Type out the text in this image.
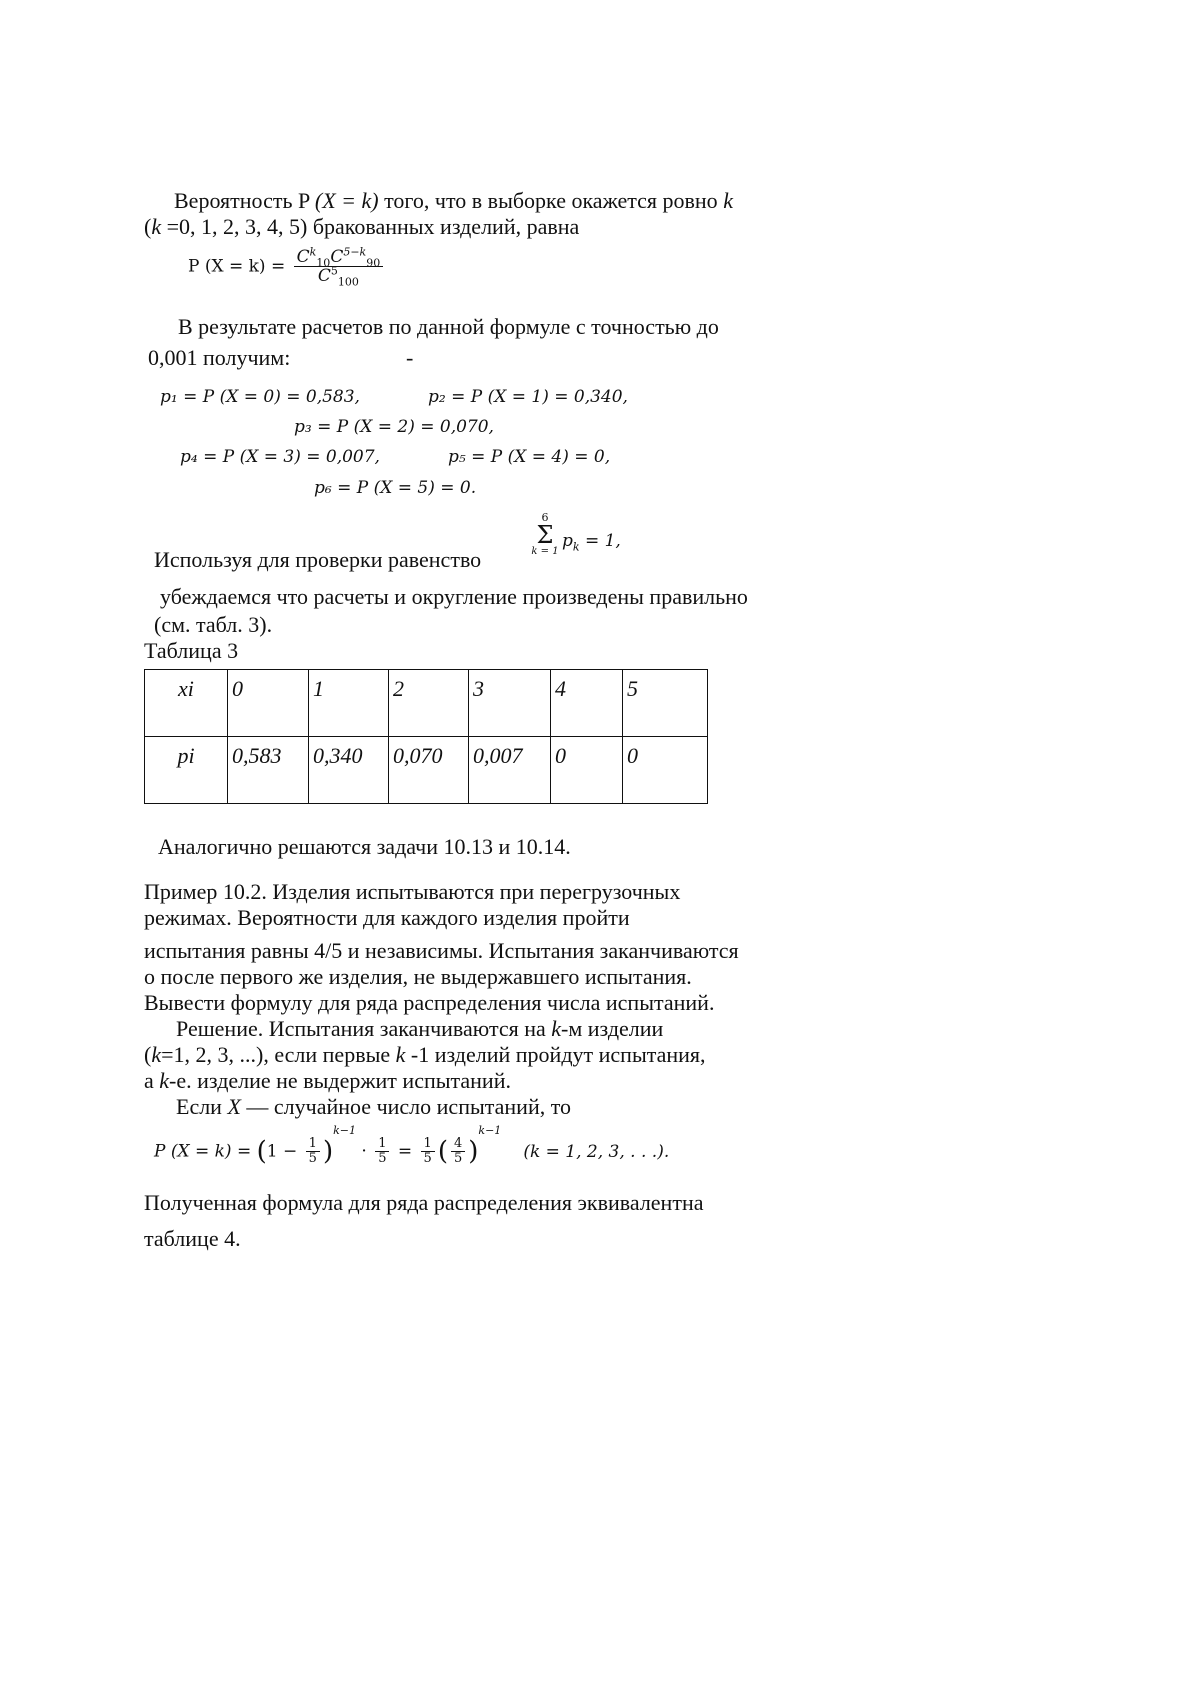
Вероятность P (X = k) того, что в выборке окажется ровно k
(k =0, 1, 2, 3, 4, 5) бракованных изделий, равна
P $(X = k) = \frac{C^k_{10}C^{5-k}_{90}}{C^5_{100}}$
В результате расчетов по данной формуле с точностью до
0,001 получим:	-
p₁ = P (X = 0) = 0,583,	p₂ = P (X = 1) = 0,340,
p₃ = P (X = 2) = 0,070,
p₄ = P (X = 3) = 0,007,	p₅ = P (X = 4) = 0,
p₆ = P (X = 5) = 0.
Используя для проверки равенство
6
Σ
k = 1
$p_k = 1$,
убеждаемся что расчеты и округление произведены правильно
(см. табл. 3).
Таблица 3
xi	0	1	2	3	4	5
pi	0,583	0,340	0,070	0,007	0	0
Аналогично решаются задачи 10.13 и 10.14.
Пример 10.2. Изделия испытываются при перегрузочных
режимах. Вероятности для каждого изделия пройти
испытания равны 4/5 и независимы. Испытания заканчиваются
о после первого же изделия, не выдержавшего испытания.
Вывести формулу для ряда распределения числа испытаний.
Решение. Испытания заканчиваются на k-м изделии
(k=1, 2, 3, ...), если первые k -1 изделий пройдут испытания,
а k-е. изделие не выдержит испытаний.
Если X — случайное число испытаний, то
P $(X = k) = (1 - \frac{1}{5} )^{k-1} \cdot \frac{1}{5} = \frac{1}{5}$ ( $\frac{4}{5} )^{k-1}(k = 1$, 2, 3, . . .).
Полученная формула для ряда распределения эквивалентна
таблице 4.
